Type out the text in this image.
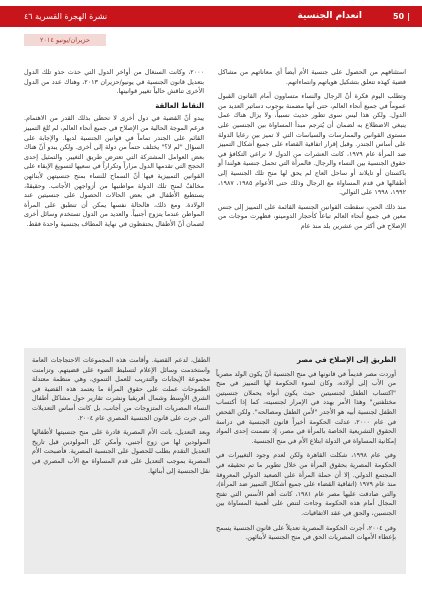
50 |
انعدام الجنسية
نشرة الهجرة القسرية ٤٦
حزيران/يونيو ٢٠١٤

استئنافهم من الحصول على جنسية الأم أيضاً أي معاناتهم من مشاكل قضية كهذه تتعلق بتشكيل هوياتهم وانتماءاتهم.

وتطلب اليوم فكرة أنّ الرجال والنساء متساوون أمام القانون القبول عموماً في جميع أنحاء العالم، حتى أنها مضمنة بوجوب دساتير العديد من الدول. ولكن هذا ليس سوى تطور حديث نسبياً، ولا يزال هناك عمل ينبغي الاضطلاع به لضمان أن يُترجم مبدأ المساواة بين الجنسين على مستوى القوانين والممارسات والسياسات التي لا تميز بين رعايا الدولة على أساس الجندر. وقبل إقرار اتفاقية القضاء على جميع أشكال التمييز ضد المرأة عام ١٩٧٩، كانت العشرات من الدول لا تراعي التكافؤ في حقوق الجنسية بين النساء والرجال. فالمرأة التي تحمل جنسية هولندا أو باكستان أو تايلاند أو ساحل العاج لم يحق لها منح تلك الجنسية إلى أطفالها في قدم المساواة مع الرجال وذلك حتى الأعوام ١٩٨٥، ١٩٨٧، ١٩٩٢، ١٩٩٨ على التوالي.

منذ ذلك الحين، سقطت القوانين الجنسية القائمة على التمييز إلى جنس معين في جميع أنحاء العالم تباعاً كأحجار الدومينو، فظهرت موجات من الإصلاح في أكثر من عشرين بلد منذ عام

٢٠٠٠، وكانت السنغال من أواخر الدول التي حذت حذو تلك الدول بتعديل قانون الجنسية في يونيو/حزيران ٢٠١٣، وهناك عدد من الدول الأخرى تناقش حالياً تغيير قوانينها.

النقاط العالقة

يبدو أنّ القضية في دول أخرى لا تحظى بذلك القدر من الاهتمام. فرغم الموجة الحالية من الإصلاح في جميع أنحاء العالم، لم تُلغ التمييز القائم على الجندر تماماً في قوانين الجنسية لديها. والإجابة على السؤال "لم لا؟" يختلف حتماً من دولة إلى أخرى. ولكن يبدو أنّ هناك بعض العوامل المشتركة التي تعترض طريق التغيير. والتمثيل إحدى الحجج التي تقدمها الدول مراراً وتكراراً في سعيها لتسويغ الإبقاء على القوانين التمييزية فيها أنّ السماح للنساء بمنح جنسيتهن لأبنائهن مخالفٌ لمنح تلك الدولة مواطنيها من أزواجهن الأجانب. وحقيقةً، يستطيع الأطفال في بعض الحالات الحصول على جنسيتين عند الولادة. ومع ذلك، فالحالة نفسها يمكن أن تنطبق على المرأة المواطن عندما يتزوج أجنبياً. والعديد من الدول تستخدم وسائل أخرى لضمان أنّ الأطفال يحتفظون في نهاية المطاف بجنسية واحدة فقط.

الطريق إلى الإصلاح في مصر

أوردت مصر قديماً في قانونها في منح الجنسية أنّ يكون الولد مصرياً من الأب إلى أولاده، وكان لسوء الحكومة لها التمييز في منح "اكتساب الطفل لجنسيتين حيث يكون أبواه يحملان جنسيتين مختلفتين" وهذا الأمر يهدد في الإمرار لجنسيته، كما إذا أكتساب الطفل لجنسية أبيه هو الأجدر "لأمن الطفل ومصالحه". ولكن الفحص في عام ٢٠٠٠، عدلت الحكومة أخيراً قانون الجنسية في دراسة الحقوق التشريعية الخاصة بالمرأة في مصر، إذ تضمنت إحدى المواد إمكانية المساواة في الدولة ابتلاع الأم في منح الجنسية.

وفي عام ١٩٩٨، شكلت القاهرة ولكن لعدم وجود التغييرات في الحكومة المصرية بحقوق المرأة من خلال تطوير ما تم تحقيقه في المجتمع الدولي. إلا أن حملة المرأة على الصعيد الدولي المعروفة منذ عام ١٩٧٩ (اتفاقية القضاء على جميع أشكال التمييز ضد المرأة)، والتي صادقت عليها مصر عام ١٩٨١، كانت أهم الأسس التي تفتح المجال أمام هذه الحكومة وجاءت لتنص على أهمية المساواة بين الجنسين، والحق في عقد الاتفاقيات.

وفي ٢٠٠٤، أجرت الحكومة المصرية تعديلاً على قانون الجنسية يسمح بإعطاء الأمهات المصريات الحق في منح الجنسية لأبنائهن.

الطفل، لدعم القضية. وأقامت هذه المجموعات الاحتجاجات العامة واستخدمت وسائل الإعلام لتسليط الضوء على قضيتهم. وتزامنت مجموعة الإيجابات والتدريب للعمل التنموي، وهي منظمة معتدلة الطموحات عملت على حقوق المرأة ما يعتمد هذه القضية في الشرق الأوسط وشمال أفريقيا ونشرت تقارير حول مشاكل أطفال النساء المصريات المتزوجات من أجانب، بل كانت أساس التعديلات التي جرت على قانون الجنسية المصري عام ٢٠٠٤.

وبعد التعديل، باتت الأم المصرية قادرة على منح جنسيتها لأطفالها المولودين لها من زوج أجنبي، وأمكن كل المولودين قبل تاريخ التعديل التقدم بطلب للحصول على الجنسية المصرية. فأصبحت الأم المصرية بموجب التعديل على قدم المساواة مع الأب المصري في نقل الجنسية إلى أبنائها.
